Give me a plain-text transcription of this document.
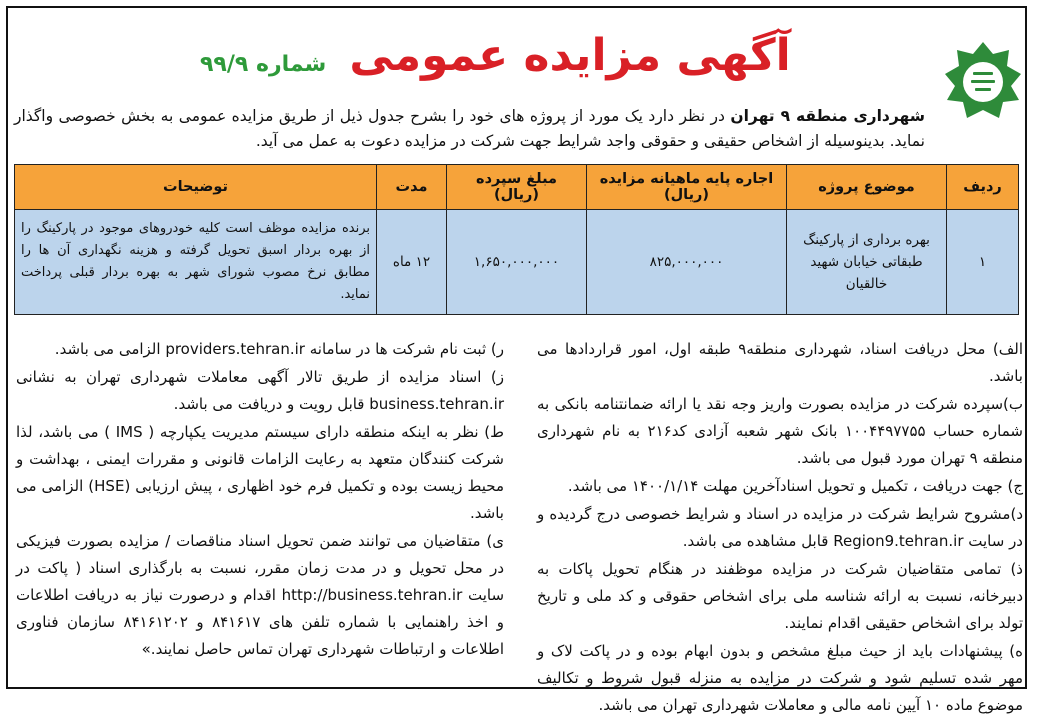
آگهی مزایده عمومی
شماره ۹۹/۹
شهرداری منطقه ۹ تهران در نظر دارد یک مورد از پروژه های خود را بشرح جدول ذیل از طریق مزایده عمومی به بخش خصوصی واگذار نماید. بدینوسیله از اشخاص حقیقی و حقوقی واجد شرایط جهت شرکت در مزایده دعوت به عمل می آید.
ردیف	موضوع پروژه	اجاره پایه ماهیانه مزایده (ریال)	مبلغ سپرده (ریال)	مدت	توضیحات
۱	بهره برداری از پارکینگ طبقاتی خیابان شهید خالقیان	۸۲۵,۰۰۰,۰۰۰	۱,۶۵۰,۰۰۰,۰۰۰	۱۲ ماه	برنده مزایده موظف است کلیه خودروهای موجود در پارکینگ را از بهره بردار اسبق تحویل گرفته و هزینه نگهداری آن ها را مطابق نرخ مصوب شورای شهر به بهره بردار قبلی پرداخت نماید.
الف) محل دریافت اسناد، شهرداری منطقه۹ طبقه اول، امور قراردادها می باشد.
ب)سپرده شرکت در مزایده بصورت واریز وجه نقد یا ارائه ضمانتنامه بانکی به شماره حساب ۱۰۰۴۴۹۷۷۵۵ بانک شهر شعبه آزادی کد۲۱۶ به نام شهرداری منطقه ۹ تهران مورد قبول می باشد.
ج) جهت دریافت ، تکمیل و تحویل اسنادآخرین مهلت ۱۴۰۰/۱/۱۴ می باشد.
د)مشروح شرایط شرکت در مزایده در اسناد و شرایط خصوصی درج گردیده و در سایت Region9.tehran.ir قابل مشاهده می باشد.
ذ) تمامی متقاضیان شرکت در مزایده موظفند در هنگام تحویل پاکات به دبیرخانه، نسبت به ارائه شناسه ملی برای اشخاص حقوقی و کد ملی و تاریخ تولد برای اشخاص حقیقی اقدام نمایند.
ه) پیشنهادات باید از حیث مبلغ مشخص و بدون ابهام بوده و در پاکت لاک و مهر شده تسلیم شود و شرکت در مزایده به منزله قبول شروط و تکالیف موضوع ماده ۱۰ آیین نامه مالی و معاملات شهرداری تهران می باشد.
ر) ثبت نام شرکت ها در سامانه providers.tehran.ir الزامی می باشد.
ز) اسناد مزایده از طریق تالار آگهی معاملات شهرداری تهران به نشانی business.tehran.ir قابل رویت و دریافت می باشد.
ط) نظر به اینکه منطقه دارای سیستم مدیریت یکپارچه ( IMS ) می باشد، لذا شرکت کنندگان متعهد به رعایت الزامات قانونی و مقررات ایمنی ، بهداشت و محیط زیست بوده و تکمیل فرم خود اظهاری ، پیش ارزیابی (HSE) الزامی می باشد.
ی) متقاضیان می توانند ضمن تحویل اسناد مناقصات / مزایده بصورت فیزیکی در محل تحویل و در مدت زمان مقرر، نسبت به بارگذاری اسناد ( پاکت در سایت http://business.tehran.ir اقدام و درصورت نیاز به دریافت اطلاعات و اخذ راهنمایی با شماره تلفن های ۸۴۱۶۱۷ و ۸۴۱۶۱۲۰۲ سازمان فناوری اطلاعات و ارتباطات شهرداری تهران تماس حاصل نمایند.»
